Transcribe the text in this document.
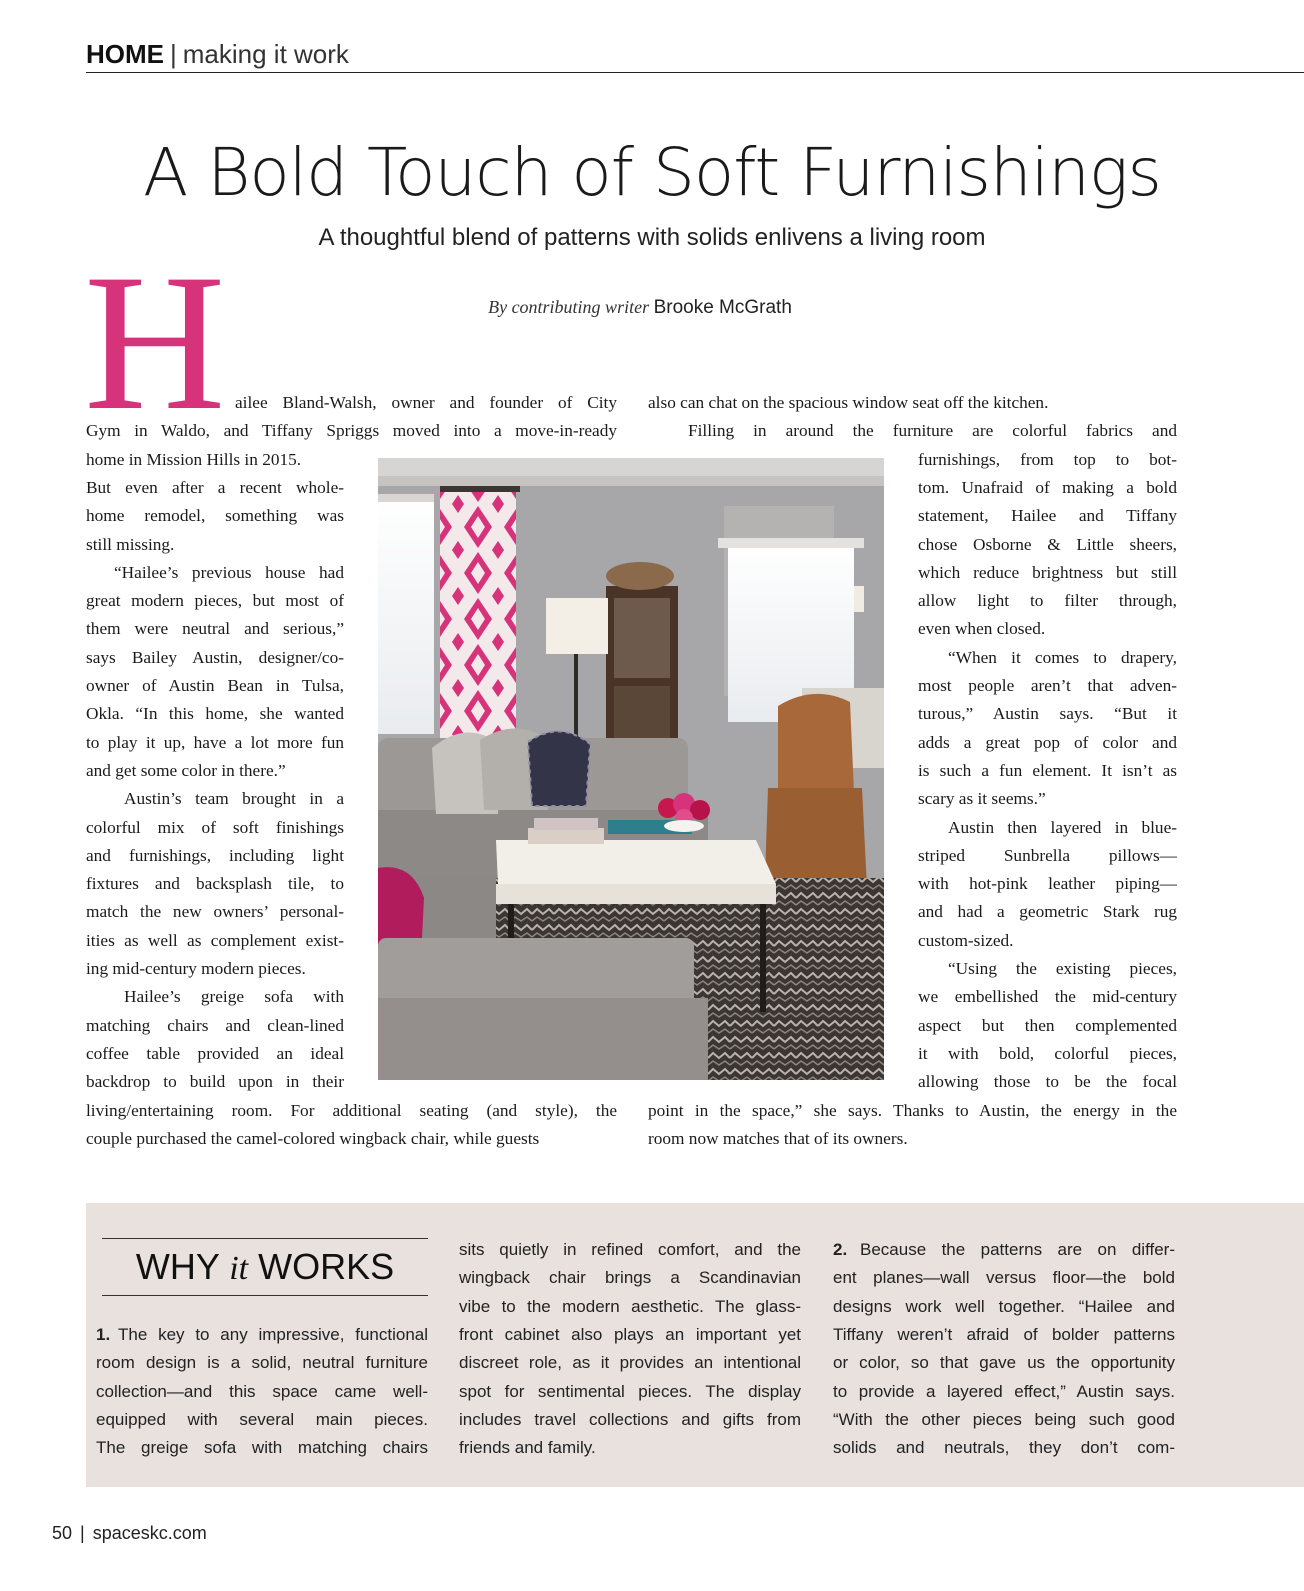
HOME | making it work
A Bold Touch of Soft Furnishings
A thoughtful blend of patterns with solids enlivens a living room
H	By contributing writer Brooke McGrath
ailee Bland-Walsh, owner and founder of City
Gym in Waldo, and Tiffany Spriggs moved into a move-in-ready
home in Mission Hills in 2015.
But even after a recent whole-
home remodel, something was
still missing.
“Hailee’s previous house had
great modern pieces, but most of
them were neutral and serious,”
says Bailey Austin, designer/co-
owner of Austin Bean in Tulsa,
Okla. “In this home, she wanted
to play it up, have a lot more fun
and get some color in there.”
Austin’s team brought in a
colorful mix of soft finishings
and furnishings, including light
fixtures and backsplash tile, to
match the new owners’ personal-
ities as well as complement exist-
ing mid-century modern pieces.
Hailee’s greige sofa with
matching chairs and clean-lined
coffee table provided an ideal
backdrop to build upon in their
living/entertaining room. For additional seating (and style), the
couple purchased the camel-colored wingback chair, while guests
also can chat on the spacious window seat off the kitchen.
Filling in around the furniture are colorful fabrics and
furnishings, from top to bot-
tom. Unafraid of making a bold
statement, Hailee and Tiffany
chose Osborne & Little sheers,
which reduce brightness but still
allow light to filter through,
even when closed.
“When it comes to drapery,
most people aren’t that adven-
turous,” Austin says. “But it
adds a great pop of color and
is such a fun element. It isn’t as
scary as it seems.”
Austin then layered in blue-
striped Sunbrella pillows—
with hot-pink leather piping—
and had a geometric Stark rug
custom-sized.
“Using the existing pieces,
we embellished the mid-century
aspect but then complemented
it with bold, colorful pieces,
allowing those to be the focal
point in the space,” she says. Thanks to Austin, the energy in the
room now matches that of its owners.
WHY it WORKS
The key to any impressive, functional
room design is a solid, neutral furniture
collection—and this space came well-
equipped with several main pieces.
The greige sofa with matching chairs
1.
sits quietly in refined comfort, and the
wingback chair brings a Scandinavian
vibe to the modern aesthetic. The glass-
front cabinet also plays an important yet
discreet role, as it provides an intentional
spot for sentimental pieces. The display
includes travel collections and gifts from
friends and family.
Because the patterns are on differ-
ent planes—wall versus floor—the bold
designs work well together. “Hailee and
Tiffany weren’t afraid of bolder patterns
or color, so that gave us the opportunity
to provide a layered effect,” Austin says.
“With the other pieces being such good
solids and neutrals, they don’t com-
2.
50 | spaceskc.com
